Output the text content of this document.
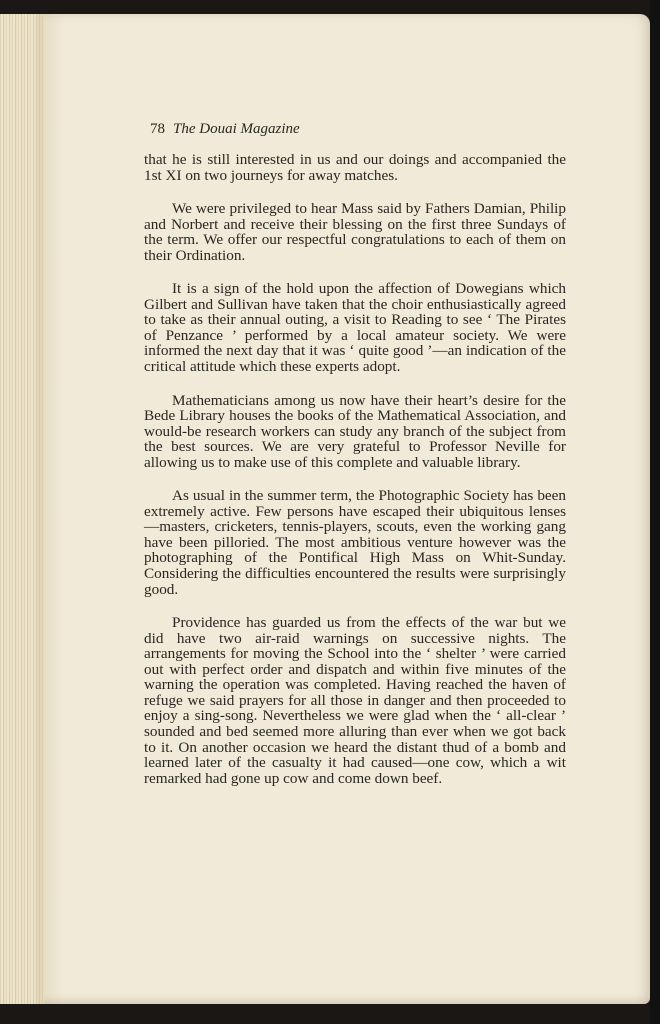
78 The Douai Magazine

that he is still interested in us and our doings and accompanied the 1st XI on two journeys for away matches.

We were privileged to hear Mass said by Fathers Damian, Philip and Norbert and receive their blessing on the first three Sundays of the term. We offer our respectful congratulations to each of them on their Ordination.

It is a sign of the hold upon the affection of Dowegians which Gilbert and Sullivan have taken that the choir enthusiastically agreed to take as their annual outing, a visit to Reading to see ‘ The Pirates of Penzance ’ performed by a local amateur society. We were informed the next day that it was ‘ quite good ’—an indication of the critical attitude which these experts adopt.

Mathematicians among us now have their heart’s desire for the Bede Library houses the books of the Mathematical Association, and would-be research workers can study any branch of the subject from the best sources. We are very grateful to Professor Neville for allowing us to make use of this complete and valuable library.

As usual in the summer term, the Photographic Society has been extremely active. Few persons have escaped their ubiquitous lenses—masters, cricketers, tennis-players, scouts, even the working gang have been pilloried. The most ambitious venture however was the photographing of the Pontifical High Mass on Whit-Sunday. Considering the difficulties encountered the results were surprisingly good.

Providence has guarded us from the effects of the war but we did have two air-raid warnings on successive nights. The arrangements for moving the School into the ‘ shelter ’ were carried out with perfect order and dispatch and within five minutes of the warning the operation was completed. Having reached the haven of refuge we said prayers for all those in danger and then proceeded to enjoy a sing-song. Nevertheless we were glad when the ‘ all-clear ’ sounded and bed seemed more alluring than ever when we got back to it. On another occasion we heard the distant thud of a bomb and learned later of the casualty it had caused—one cow, which a wit remarked had gone up cow and come down beef.
